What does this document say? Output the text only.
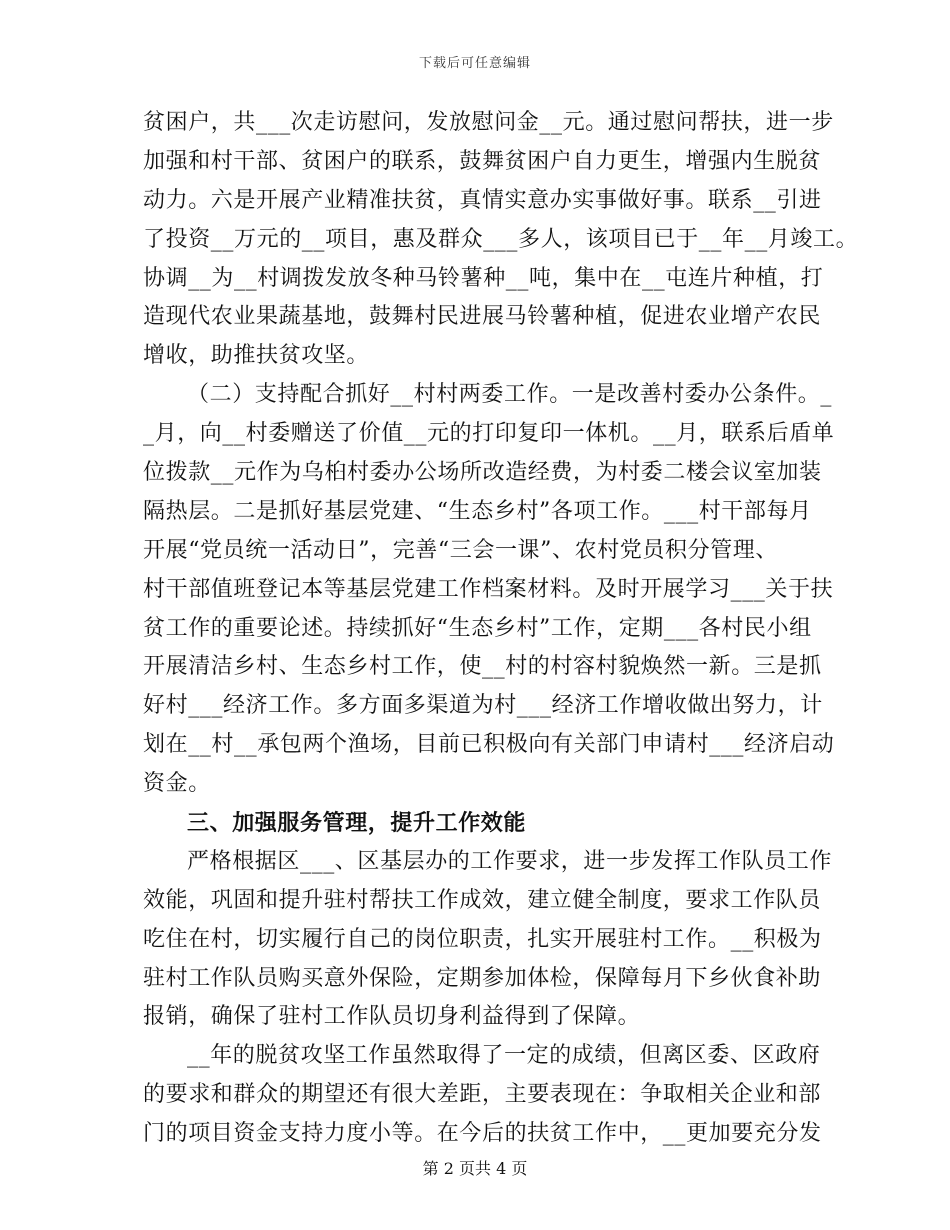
下载后可任意编辑
贫困户，共___次走访慰问，发放慰问金__元。通过慰问帮扶，进一步
加强和村干部、贫困户的联系，鼓舞贫困户自力更生，增强内生脱贫
动力。六是开展产业精准扶贫，真情实意办实事做好事。联系__引进
了投资__万元的__项目，惠及群众___多人，该项目已于__年__月竣工。
协调__为__村调拨发放冬种马铃薯种__吨，集中在__屯连片种植，打
造现代农业果蔬基地，鼓舞村民进展马铃薯种植，促进农业增产农民
增收，助推扶贫攻坚。
（二）支持配合抓好__村村两委工作。一是改善村委办公条件。_
_月，向__村委赠送了价值__元的打印复印一体机。__月，联系后盾单
位拨款__元作为乌桕村委办公场所改造经费，为村委二楼会议室加装
隔热层。二是抓好基层党建、“生态乡村”各项工作。___村干部每月
开展“党员统一活动日”，完善“三会一课”、农村党员积分管理、
村干部值班登记本等基层党建工作档案材料。及时开展学习___关于扶
贫工作的重要论述。持续抓好“生态乡村”工作，定期___各村民小组
开展清洁乡村、生态乡村工作，使__村的村容村貌焕然一新。三是抓
好村___经济工作。多方面多渠道为村___经济工作增收做出努力，计
划在__村__承包两个渔场，目前已积极向有关部门申请村___经济启动
资金。
三、加强服务管理，提升工作效能
严格根据区___、区基层办的工作要求，进一步发挥工作队员工作
效能，巩固和提升驻村帮扶工作成效，建立健全制度，要求工作队员
吃住在村，切实履行自己的岗位职责，扎实开展驻村工作。__积极为
驻村工作队员购买意外保险，定期参加体检，保障每月下乡伙食补助
报销，确保了驻村工作队员切身利益得到了保障。
__年的脱贫攻坚工作虽然取得了一定的成绩，但离区委、区政府
的要求和群众的期望还有很大差距，主要表现在：争取相关企业和部
门的项目资金支持力度小等。在今后的扶贫工作中，__更加要充分发
第 2 页共 4 页
